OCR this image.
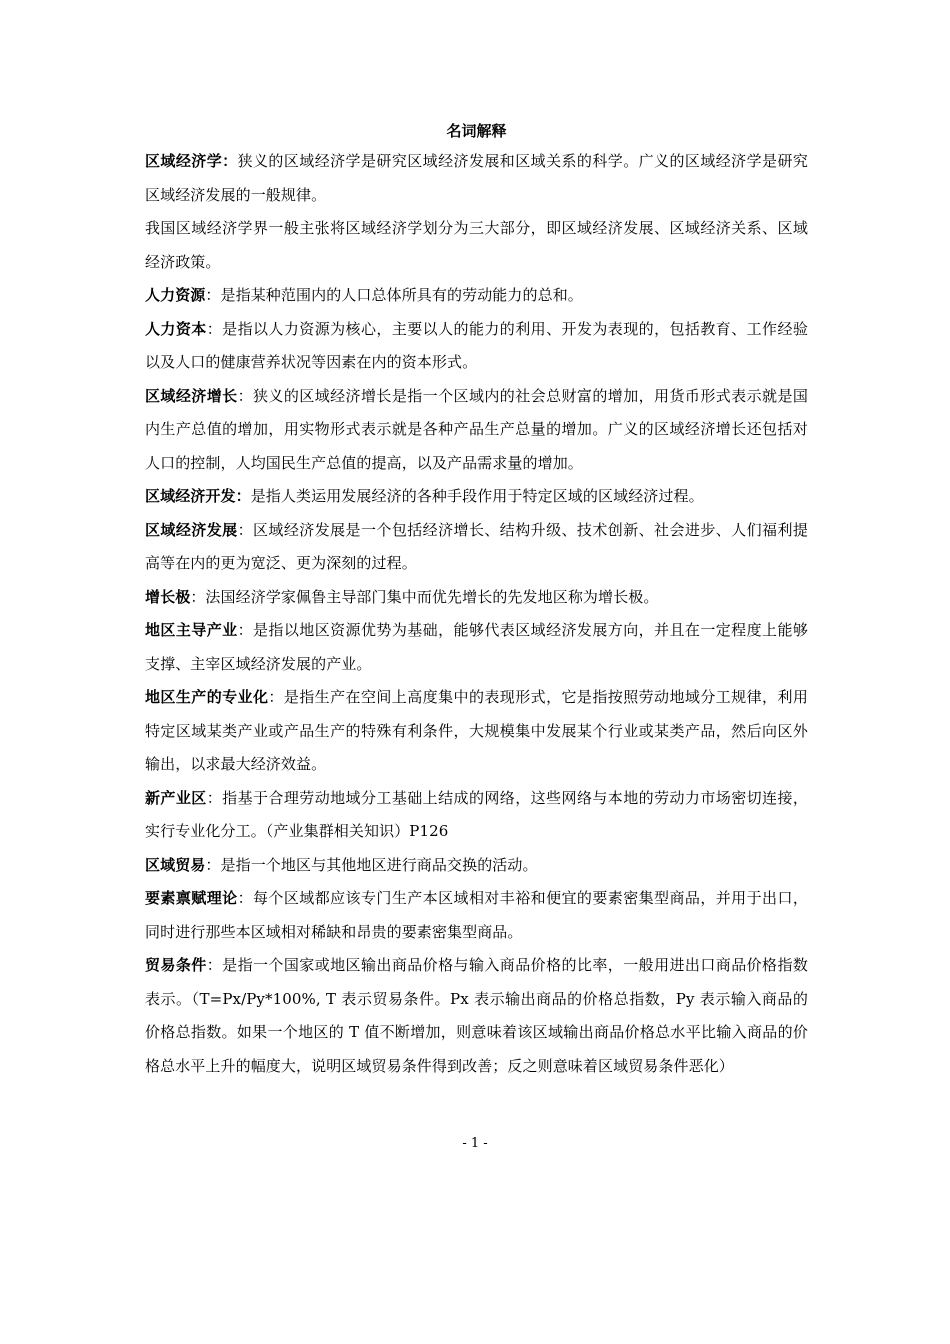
名词解释

区域经济学：狭义的区域经济学是研究区域经济发展和区域关系的科学。广义的区域经济学是研究区域经济发展的一般规律。

我国区域经济学界一般主张将区域经济学划分为三大部分，即区域经济发展、区域经济关系、区域经济政策。

人力资源：是指某种范围内的人口总体所具有的劳动能力的总和。

人力资本：是指以人力资源为核心，主要以人的能力的利用、开发为表现的，包括教育、工作经验以及人口的健康营养状况等因素在内的资本形式。

区域经济增长：狭义的区域经济增长是指一个区域内的社会总财富的增加，用货币形式表示就是国内生产总值的增加，用实物形式表示就是各种产品生产总量的增加。广义的区域经济增长还包括对人口的控制，人均国民生产总值的提高，以及产品需求量的增加。

区域经济开发：是指人类运用发展经济的各种手段作用于特定区域的区域经济过程。

区域经济发展：区域经济发展是一个包括经济增长、结构升级、技术创新、社会进步、人们福利提高等在内的更为宽泛、更为深刻的过程。

增长极：法国经济学家佩鲁主导部门集中而优先增长的先发地区称为增长极。

地区主导产业：是指以地区资源优势为基础，能够代表区域经济发展方向，并且在一定程度上能够支撑、主宰区域经济发展的产业。

地区生产的专业化：是指生产在空间上高度集中的表现形式，它是指按照劳动地域分工规律，利用特定区域某类产业或产品生产的特殊有利条件，大规模集中发展某个行业或某类产品，然后向区外输出，以求最大经济效益。

新产业区：指基于合理劳动地域分工基础上结成的网络，这些网络与本地的劳动力市场密切连接，实行专业化分工。（产业集群相关知识）P126

区域贸易：是指一个地区与其他地区进行商品交换的活动。

要素禀赋理论：每个区域都应该专门生产本区域相对丰裕和便宜的要素密集型商品，并用于出口，同时进行那些本区域相对稀缺和昂贵的要素密集型商品。

贸易条件：是指一个国家或地区输出商品价格与输入商品价格的比率，一般用进出口商品价格指数表示。（T=Px/Py*100%, T 表示贸易条件。Px 表示输出商品的价格总指数，Py 表示输入商品的价格总指数。如果一个地区的 T 值不断增加，则意味着该区域输出商品价格总水平比输入商品的价格总水平上升的幅度大，说明区域贸易条件得到改善；反之则意味着区域贸易条件恶化）

- 1 -
